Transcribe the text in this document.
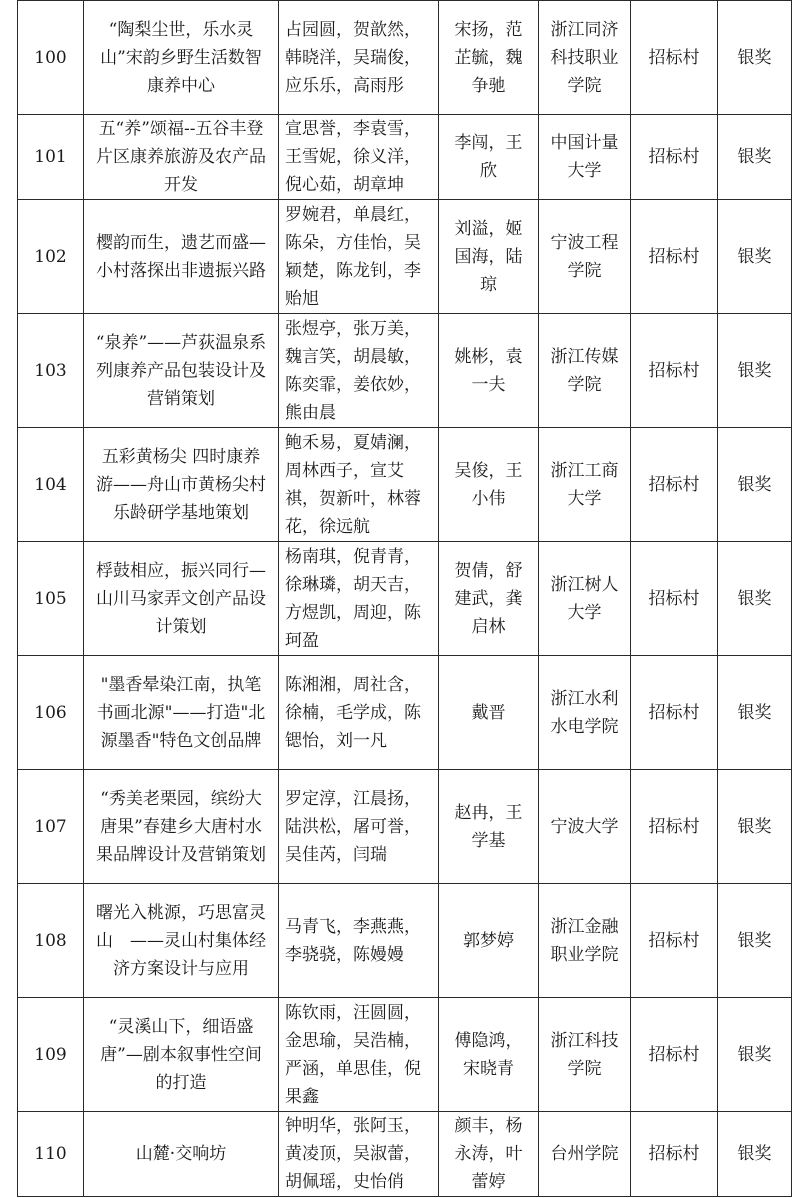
100	“陶梨尘世，乐水灵山”宋韵乡野生活数智康养中心	占园圆，贺歆然，韩晓洋，吴瑞俊，应乐乐，高雨彤	宋扬，范芷毓，魏争驰	浙江同济科技职业学院	招标村	银奖
101	五“养”颂福--五谷丰登片区康养旅游及农产品开发	宣思誉，李袁雪，王雪妮，徐义洋，倪心茹，胡章坤	李闯，王欣	中国计量大学	招标村	银奖
102	樱韵而生，遗艺而盛—小村落探出非遗振兴路	罗婉君，单晨红，陈朵，方佳怡，吴颖楚，陈龙钊，李贻旭	刘溢，姬国海，陆琼	宁波工程学院	招标村	银奖
103	“泉养”——芦荻温泉系列康养产品包装设计及营销策划	张煜亭，张万美，魏言笑，胡晨敏，陈奕霏，姜依妙，熊由晨	姚彬，袁一夫	浙江传媒学院	招标村	银奖
104	五彩黄杨尖 四时康养游——舟山市黄杨尖村乐龄研学基地策划	鲍禾易，夏婧澜，周林西子，宣艾祺，贺新叶，林蓉花，徐远航	吴俊，王小伟	浙江工商大学	招标村	银奖
105	桴鼓相应，振兴同行—山川马家弄文创产品设计策划	杨南琪，倪青青，徐琳璘，胡天吉，方煜凯，周迎，陈珂盈	贺倩，舒建武，龚启林	浙江树人大学	招标村	银奖
106	"墨香晕染江南，执笔书画北源"——打造"北源墨香"特色文创品牌	陈湘湘，周社含，徐楠，毛学成，陈锶怡，刘一凡	戴晋	浙江水利水电学院	招标村	银奖
107	“秀美老栗园，缤纷大唐果”春建乡大唐村水果品牌设计及营销策划	罗定淳，江晨扬，陆洪松，屠可誉，吴佳芮，闫瑞	赵冉，王学基	宁波大学	招标村	银奖
108	曙光入桃源，巧思富灵山　——灵山村集体经济方案设计与应用	马青飞，李燕燕，李骁骁，陈嫚嫚	郭梦婷	浙江金融职业学院	招标村	银奖
109	“灵溪山下，细语盛唐”—剧本叙事性空间的打造	陈钦雨，汪圆圆，金思瑜，吴浩楠，严涵，单思佳，倪果鑫	傅隐鸿，宋晓青	浙江科技学院	招标村	银奖
110	山麓·交响坊	钟明华，张阿玉，黄凌顶，吴淑蕾，胡佩瑶，史怡俏	颜丰，杨永涛，叶蕾婷	台州学院	招标村	银奖
